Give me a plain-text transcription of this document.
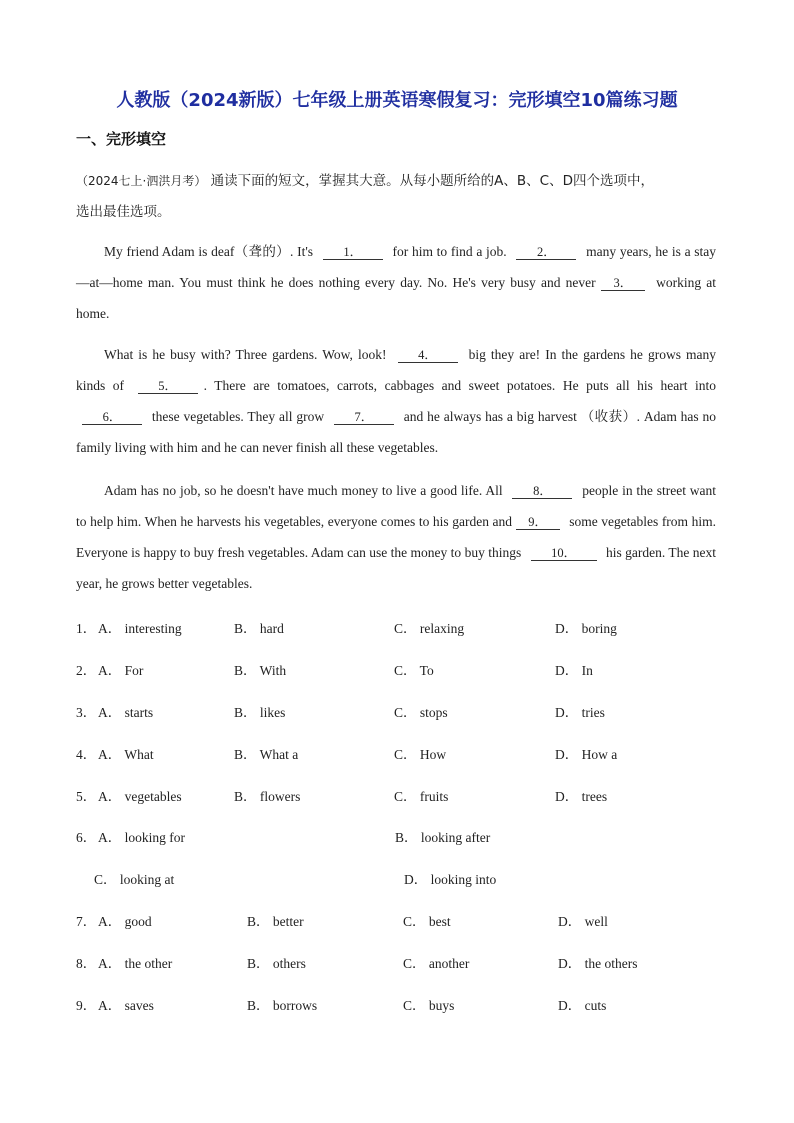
人教版（2024新版）七年级上册英语寒假复习：完形填空10篇练习题
一、完形填空
（2024七上·泗洪月考） 通读下面的短文，掌握其大意。从每小题所给的A、B、C、D四个选项中，
选出最佳选项。
My friend Adam is deaf（聋的）. It's 1． for him to find a job. 2． many years, he is a stay—at—home man. You must think he does nothing every day. No. He's very busy and never 3． working at home.
What is he busy with? Three gardens. Wow, look!	4． big they are! In the gardens he grows many kinds of	5． . There are tomatoes, carrots, cabbages and sweet potatoes. He puts all his heart into 6． these vegetables. They all grow 7． and he always has a big harvest （收获）. Adam has no family living with him and he can never finish all these vegetables.
Adam has no job, so he doesn't have much money to live a good life. All 8． people in the street want to help him. When he harvests his vegetables, everyone comes to his garden and 9． some vegetables from him. Everyone is happy to buy fresh vegetables. Adam can use the money to buy things 10． his garden. The next year, he grows better vegetables.
1． A． interesting	B． hard	C． relaxing	D． boring
2． A． For	B． With	C． To	D． In
3． A． starts	B． likes	C． stops	D． tries
4． A． What	B． What a	C． How	D． How a
5． A． vegetables	B． flowers	C． fruits	D． trees
6． A． looking for	B． looking after
C． looking at	D． looking into
7． A． good	B． better	C． best	D． well
8． A． the other	B． others	C． another	D． the others
9． A． saves	B． borrows	C． buys	D． cuts
